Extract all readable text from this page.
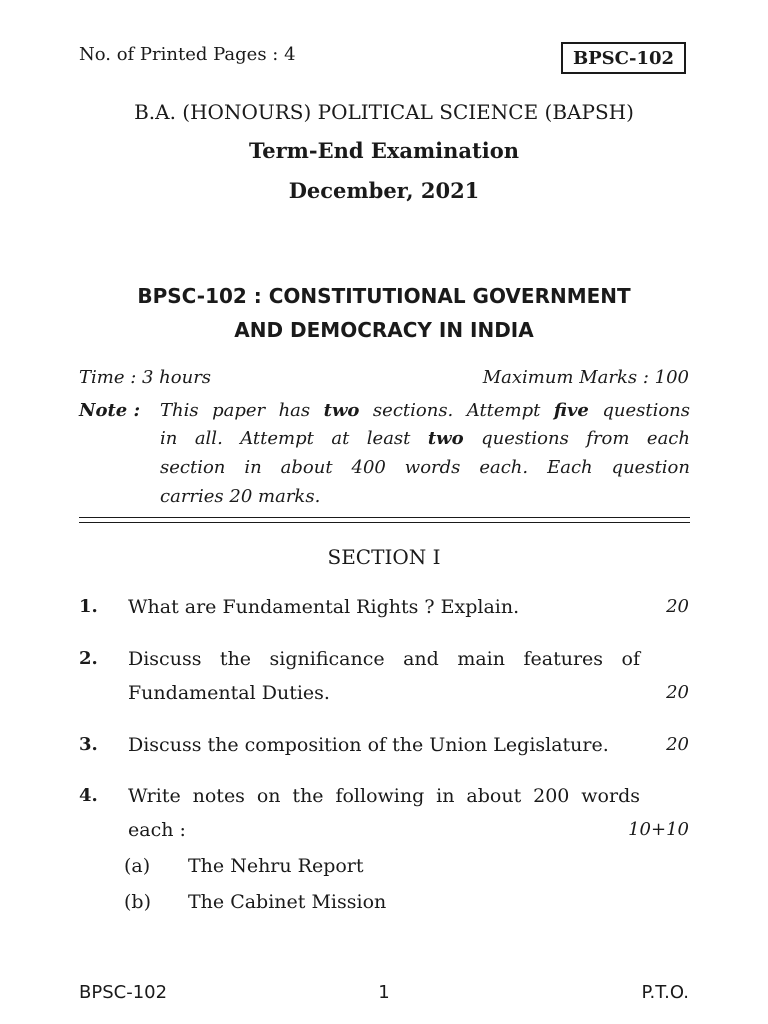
No. of Printed Pages : 4	BPSC-102
B.A. (HONOURS) POLITICAL SCIENCE (BAPSH)
Term-End Examination
December, 2021
BPSC-102 : CONSTITUTIONAL GOVERNMENT
AND DEMOCRACY IN INDIA
Time : 3 hours	Maximum Marks : 100
Note : This paper has two sections. Attempt five questions
in all. Attempt at least two questions from each
section in about 400 words each. Each question
carries 20 marks.
SECTION I
1. What are Fundamental Rights ? Explain.	20
2. Discuss the significance and main features of
Fundamental Duties.	20
3. Discuss the composition of the Union Legislature.	20
4. Write notes on the following in about 200 words
each :	10+10
(a) The Nehru Report
(b) The Cabinet Mission
BPSC-102	1	P.T.O.
